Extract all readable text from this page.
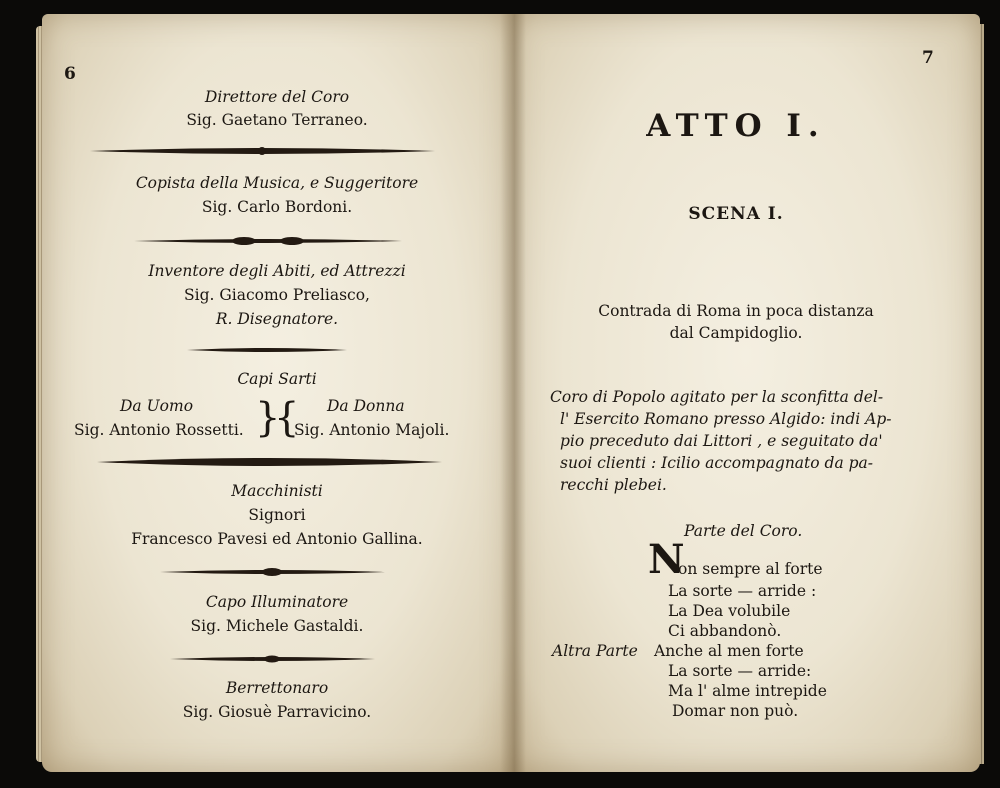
6
Direttore del Coro
Sig. Gaetano Terraneo.
Copista della Musica, e Suggeritore
Sig. Carlo Bordoni.
Inventore degli Abiti, ed Attrezzi
Sig. Giacomo Preliasco,
R. Disegnatore.
Capi Sarti
Da Uomo
Sig. Antonio Rossetti. }
{ Da Donna
Sig. Antonio Majoli.
Macchinisti
Signori
Francesco Pavesi ed Antonio Gallina.
Capo Illuminatore
Sig. Michele Gastaldi.
Berrettonaro
Sig. Giosuè Parravicino.
7
ATTO I.
SCENA I.
Contrada di Roma in poca distanza
dal Campidoglio.
Coro di Popolo agitato per la sconfitta del-
l' Esercito Romano presso Algido: indi Ap-
pio preceduto dai Littori , e seguitato da'
suoi clienti : Icilio accompagnato da pa-
recchi plebei.
Parte del Coro.
N
on sempre al forte
La sorte — arride :
La Dea volubile
Ci abbandonò.
Altra Parte Anche al men forte
La sorte — arride:
Ma l' alme intrepide
Domar non può.
